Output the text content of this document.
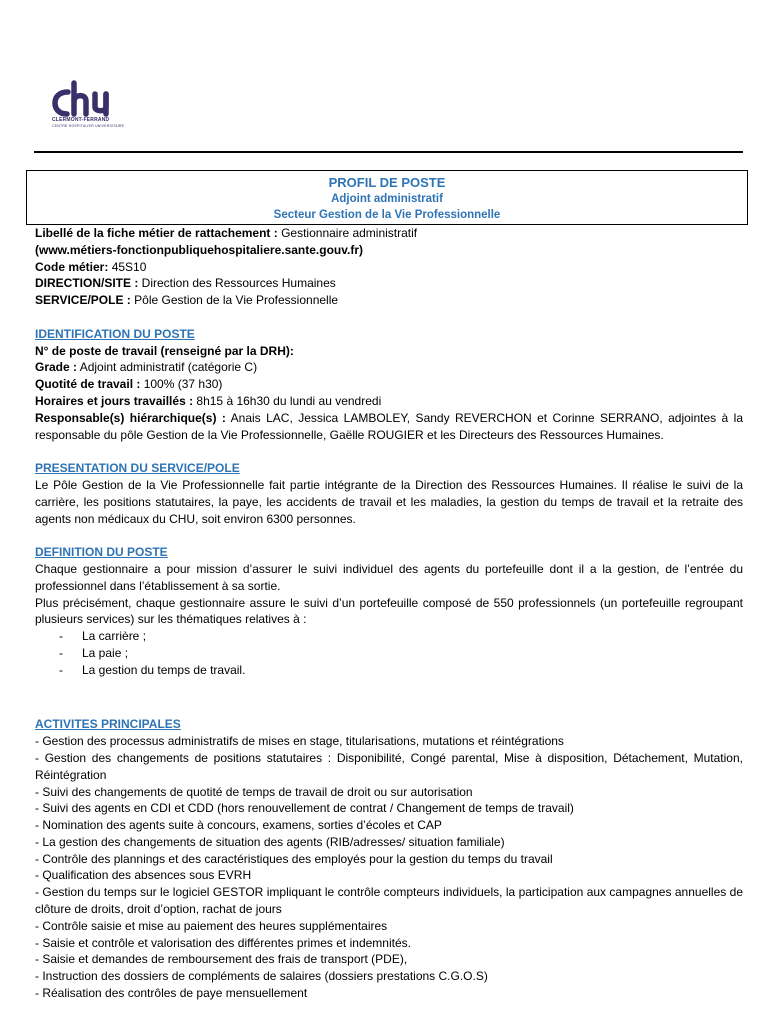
CLERMONT-FERRAND
CENTRE HOSPITALIER UNIVERSITAIRE
PROFIL DE POSTE
Adjoint administratif
Secteur Gestion de la Vie Professionnelle

Libellé de la fiche métier de rattachement : Gestionnaire administratif

(www.métiers-fonctionpubliquehospitaliere.sante.gouv.fr)

Code métier: 45S10

DIRECTION/SITE : Direction des Ressources Humaines

SERVICE/POLE : Pôle Gestion de la Vie Professionnelle

IDENTIFICATION DU POSTE

N° de poste de travail (renseigné par la DRH):

Grade : Adjoint administratif (catégorie C)

Quotité de travail : 100% (37 h30)

Horaires et jours travaillés : 8h15 à 16h30 du lundi au vendredi

Responsable(s) hiérarchique(s) : Anais LAC, Jessica LAMBOLEY, Sandy REVERCHON et Corinne SERRANO, adjointes à la responsable du pôle Gestion de la Vie Professionnelle, Gaëlle ROUGIER et les Directeurs des Ressources Humaines.

PRESENTATION DU SERVICE/POLE

Le Pôle Gestion de la Vie Professionnelle fait partie intégrante de la Direction des Ressources Humaines. Il réalise le suivi de la carrière, les positions statutaires, la paye, les accidents de travail et les maladies, la gestion du temps de travail et la retraite des agents non médicaux du CHU, soit environ 6300 personnes.

DEFINITION DU POSTE

Chaque gestionnaire a pour mission d’assurer le suivi individuel des agents du portefeuille dont il a la gestion, de l’entrée du professionnel dans l’établissement à sa sortie.

Plus précisément, chaque gestionnaire assure le suivi d’un portefeuille composé de 550 professionnels (un portefeuille regroupant plusieurs services) sur les thématiques relatives à :

- La carrière ;
- La paie ;
- La gestion du temps de travail.

ACTIVITES PRINCIPALES

- Gestion des processus administratifs de mises en stage, titularisations, mutations et réintégrations
- Gestion des changements de positions statutaires : Disponibilité, Congé parental, Mise à disposition, Détachement, Mutation, Réintégration
- Suivi des changements de quotité de temps de travail de droit ou sur autorisation
- Suivi des agents en CDI et CDD (hors renouvellement de contrat / Changement de temps de travail)
- Nomination des agents suite à concours, examens, sorties d’écoles et CAP
- La gestion des changements de situation des agents (RIB/adresses/ situation familiale)
- Contrôle des plannings et des caractéristiques des employés pour la gestion du temps du travail
- Qualification des absences sous EVRH
- Gestion du temps sur le logiciel GESTOR impliquant le contrôle compteurs individuels, la participation aux campagnes annuelles de clôture de droits, droit d’option, rachat de jours
- Contrôle saisie et mise au paiement des heures supplémentaires
- Saisie et contrôle et valorisation des différentes primes et indemnités.
- Saisie et demandes de remboursement des frais de transport (PDE),
- Instruction des dossiers de compléments de salaires (dossiers prestations C.G.O.S)
- Réalisation des contrôles de paye mensuellement
